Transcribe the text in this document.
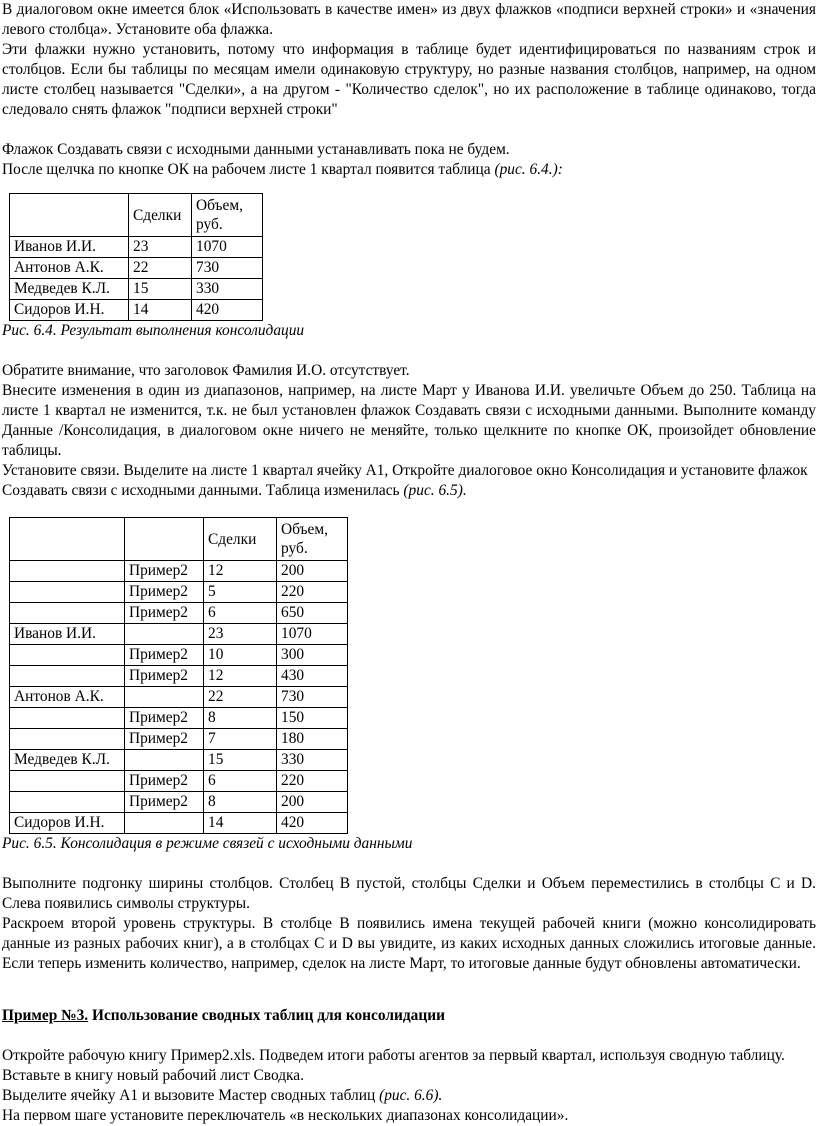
В диалоговом окне имеется блок «Использовать в качестве имен» из двух флажков «подписи верхней строки» и «значения левого столбца». Установите оба флажка.

Эти флажки нужно установить, потому что информация в таблице будет идентифицироваться по названиям строк и столбцов. Если бы таблицы по месяцам имели одинаковую структуру, но разные названия столбцов, например, на одном листе столбец называется "Сделки», а на другом - "Количество сделок", но их расположение в таблице одинаково, тогда следовало снять флажок "подписи верхней строки"

Флажок Создавать связи с исходными данными устанавливать пока не будем.

После щелчка по кнопке ОК на рабочем листе 1 квартал появится таблица (рис. 6.4.):

	Сделки	Объем, руб.
Иванов И.И.	23	1070
Антонов А.К.	22	730
Медведев К.Л.	15	330
Сидоров И.Н.	14	420

Рис. 6.4. Результат выполнения консолидации

Обратите внимание, что заголовок Фамилия И.О. отсутствует.

Внесите изменения в один из диапазонов, например, на листе Март у Иванова И.И. увеличьте Объем до 250. Таблица на листе 1 квартал не изменится, т.к. не был установлен флажок Создавать связи с исходными данными. Выполните команду Данные /Консолидация, в диалоговом окне ничего не меняйте, только щелкните по кнопке ОК, произойдет обновление таблицы.

Установите связи. Выделите на листе 1 квартал ячейку А1, Откройте диалоговое окно Консолидация и установите флажок Создавать связи с исходными данными. Таблица изменилась (рис. 6.5).

		Сделки	Объем, руб.
	Пример2	12	200
	Пример2	5	220
	Пример2	6	650
Иванов И.И.		23	1070
	Пример2	10	300
	Пример2	12	430
Антонов А.К.		22	730
	Пример2	8	150
	Пример2	7	180
Медведев К.Л.		15	330
	Пример2	6	220
	Пример2	8	200
Сидоров И.Н.		14	420

Рис. 6.5. Консолидация в режиме связей с исходными данными

Выполните подгонку ширины столбцов. Столбец В пустой, столбцы Сделки и Объем переместились в столбцы С и D. Слева появились символы структуры.

Раскроем второй уровень структуры. В столбце В появились имена текущей рабочей книги (можно консолидировать данные из разных рабочих книг), а в столбцах С и D вы увидите, из каких исходных данных сложились итоговые данные. Если теперь изменить количество, например, сделок на листе Март, то итоговые данные будут обновлены автоматически.

Пример №3. Использование сводных таблиц для консолидации

Откройте рабочую книгу Пример2.xls. Подведем итоги работы агентов за первый квартал, используя сводную таблицу.

Вставьте в книгу новый рабочий лист Сводка.

Выделите ячейку А1 и вызовите Мастер сводных таблиц (рис. 6.6).

На первом шаге установите переключатель «в нескольких диапазонах консолидации».
